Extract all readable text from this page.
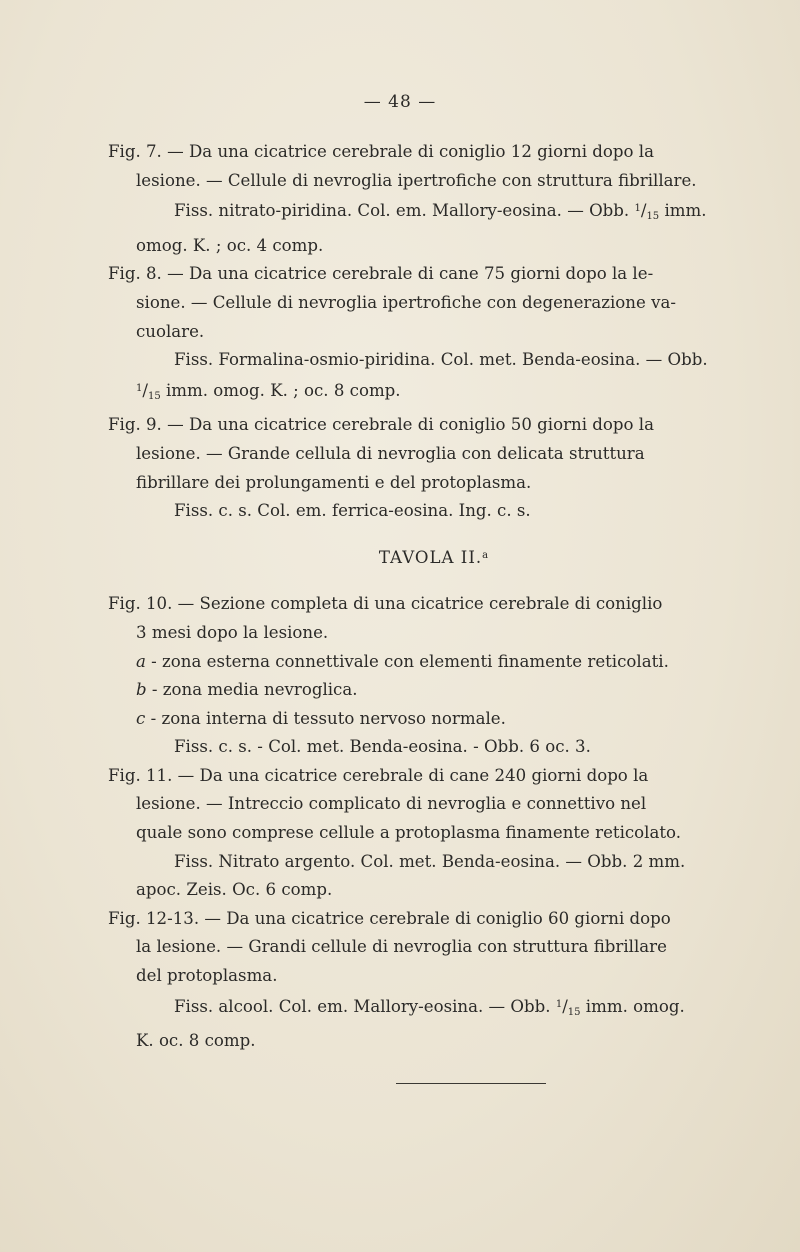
— 48 —
Fig. 7. — Da una cicatrice cerebrale di coniglio 12 giorni dopo la
lesione. — Cellule di nevroglia ipertrofiche con struttura fibrillare.
Fiss. nitrato-piridina. Col. em. Mallory-eosina. — Obb. $^1/_{15}$ imm.
omog. K. ; oc. 4 comp.
Fig. 8. — Da una cicatrice cerebrale di cane 75 giorni dopo la le-
sione. — Cellule di nevroglia ipertrofiche con degenerazione va-
cuolare.
Fiss. Formalina-osmio-piridina. Col. met. Benda-eosina. — Obb.
$^1/_{15}$ imm. omog. K. ; oc. 8 comp.
Fig. 9. — Da una cicatrice cerebrale di coniglio 50 giorni dopo la
lesione. — Grande cellula di nevroglia con delicata struttura
fibrillare dei prolungamenti e del protoplasma.
Fiss. c. s. Col. em. ferrica-eosina. Ing. c. s.
TAVOLA II.$^a$
Fig. 10. — Sezione completa di una cicatrice cerebrale di coniglio
3 mesi dopo la lesione.
a - zona esterna connettivale con elementi finamente reticolati.
b - zona media nevroglica.
c - zona interna di tessuto nervoso normale.
Fiss. c. s. - Col. met. Benda-eosina. - Obb. 6 oc. 3.
Fig. 11. — Da una cicatrice cerebrale di cane 240 giorni dopo la
lesione. — Intreccio complicato di nevroglia e connettivo nel
quale sono comprese cellule a protoplasma finamente reticolato.
Fiss. Nitrato argento. Col. met. Benda-eosina. — Obb. 2 mm.
apoc. Zeis. Oc. 6 comp.
Fig. 12-13. — Da una cicatrice cerebrale di coniglio 60 giorni dopo
la lesione. — Grandi cellule di nevroglia con struttura fibrillare
del protoplasma.
Fiss. alcool. Col. em. Mallory-eosina. — Obb. $^1/_{15}$ imm. omog.
K. oc. 8 comp.
